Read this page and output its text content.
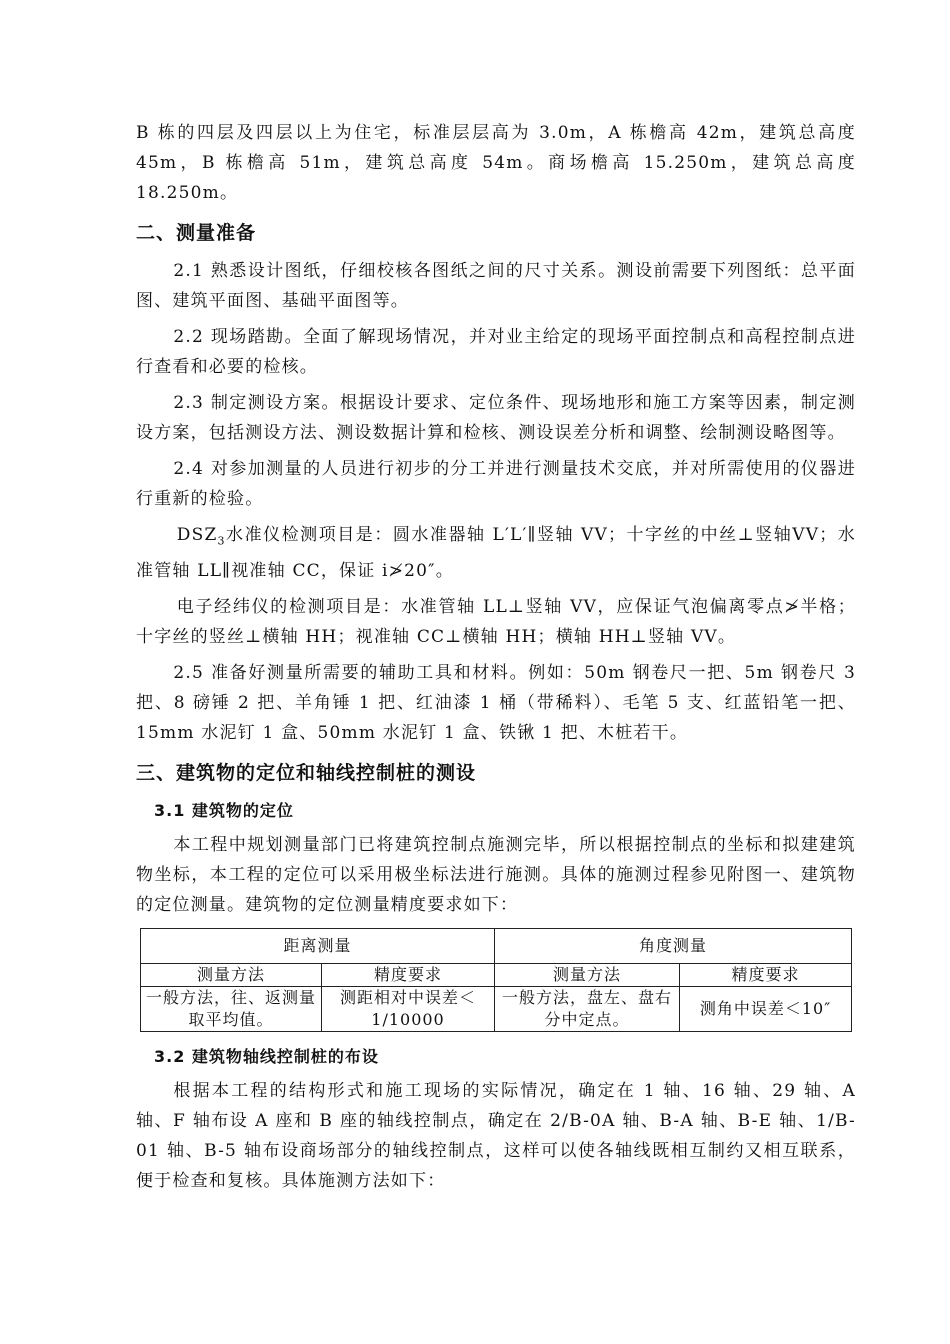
B 栋的四层及四层以上为住宅，标准层层高为 3.0m，A 栋檐高 42m，建筑总高度45m，B 栋檐高 51m，建筑总高度 54m。商场檐高 15.250m，建筑总高度18.250m。

二、测量准备

2.1 熟悉设计图纸，仔细校核各图纸之间的尺寸关系。测设前需要下列图纸：总平面图、建筑平面图、基础平面图等。

2.2 现场踏勘。全面了解现场情况，并对业主给定的现场平面控制点和高程控制点进行查看和必要的检核。

2.3 制定测设方案。根据设计要求、定位条件、现场地形和施工方案等因素，制定测设方案，包括测设方法、测设数据计算和检核、测设误差分析和调整、绘制测设略图等。

2.4 对参加测量的人员进行初步的分工并进行测量技术交底，并对所需使用的仪器进行重新的检验。

$DSZ_3$水准仪检测项目是：圆水准器轴 L′L′∥竖轴 VV；十字丝的中丝⊥竖轴VV；水准管轴 LL∥视准轴 CC，保证 i≯20″。

电子经纬仪的检测项目是：水准管轴 LL⊥竖轴 VV，应保证气泡偏离零点≯半格；十字丝的竖丝⊥横轴 HH；视准轴 CC⊥横轴 HH；横轴 HH⊥竖轴 VV。

2.5 准备好测量所需要的辅助工具和材料。例如：50m 钢卷尺一把、5m 钢卷尺 3 把、8 磅锤 2 把、羊角锤 1 把、红油漆 1 桶（带稀料）、毛笔 5 支、红蓝铅笔一把、15mm 水泥钉 1 盒、50mm 水泥钉 1 盒、铁锹 1 把、木桩若干。

三、建筑物的定位和轴线控制桩的测设
3.1 建筑物的定位

本工程中规划测量部门已将建筑控制点施测完毕，所以根据控制点的坐标和拟建建筑物坐标，本工程的定位可以采用极坐标法进行施测。具体的施测过程参见附图一、建筑物的定位测量。建筑物的定位测量精度要求如下：

距离测量		角度测量	
测量方法	精度要求	测量方法	精度要求
一般方法，往、返测量取平均值。	测距相对中误差＜1/10000	一般方法，盘左、盘右分中定点。	测角中误差＜10″
3.2 建筑物轴线控制桩的布设

根据本工程的结构形式和施工现场的实际情况，确定在 1 轴、16 轴、29 轴、A 轴、F 轴布设 A 座和 B 座的轴线控制点，确定在 2/B-0A 轴、B-A 轴、B-E 轴、1/B-01 轴、B-5 轴布设商场部分的轴线控制点，这样可以使各轴线既相互制约又相互联系，便于检查和复核。具体施测方法如下：
